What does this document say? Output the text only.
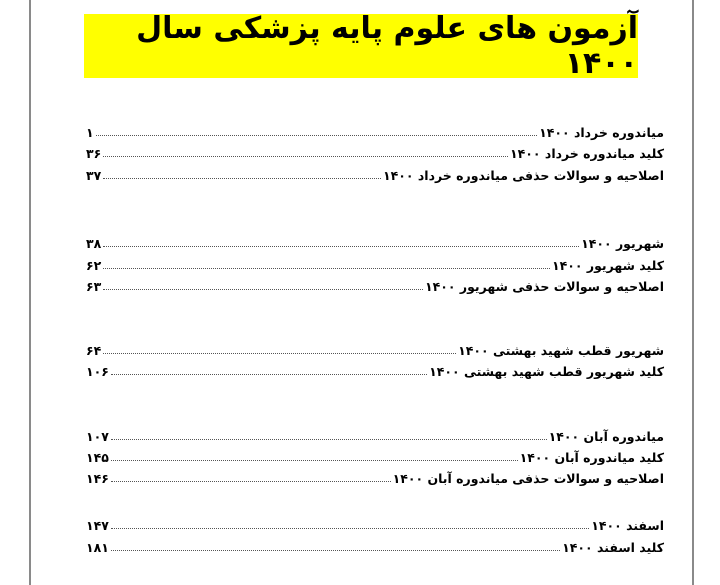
آزمون های علوم پایه پزشکی سال ۱۴۰۰
میاندوره خرداد ۱۴۰۰
۱
کلید میاندوره خرداد ۱۴۰۰
۳۶
اصلاحیه و سوالات حذفی میاندوره خرداد ۱۴۰۰
۳۷
شهریور ۱۴۰۰
۳۸
کلید شهریور ۱۴۰۰
۶۲
اصلاحیه و سوالات حذفی شهریور ۱۴۰۰
۶۳
شهریور قطب شهید بهشتی ۱۴۰۰
۶۴
کلید شهریور قطب شهید بهشتی ۱۴۰۰
۱۰۶
میاندوره آبان ۱۴۰۰
۱۰۷
کلید میاندوره آبان ۱۴۰۰
۱۴۵
اصلاحیه و سوالات حذفی میاندوره آبان ۱۴۰۰
۱۴۶
اسفند ۱۴۰۰
۱۴۷
کلید اسفند ۱۴۰۰
۱۸۱
